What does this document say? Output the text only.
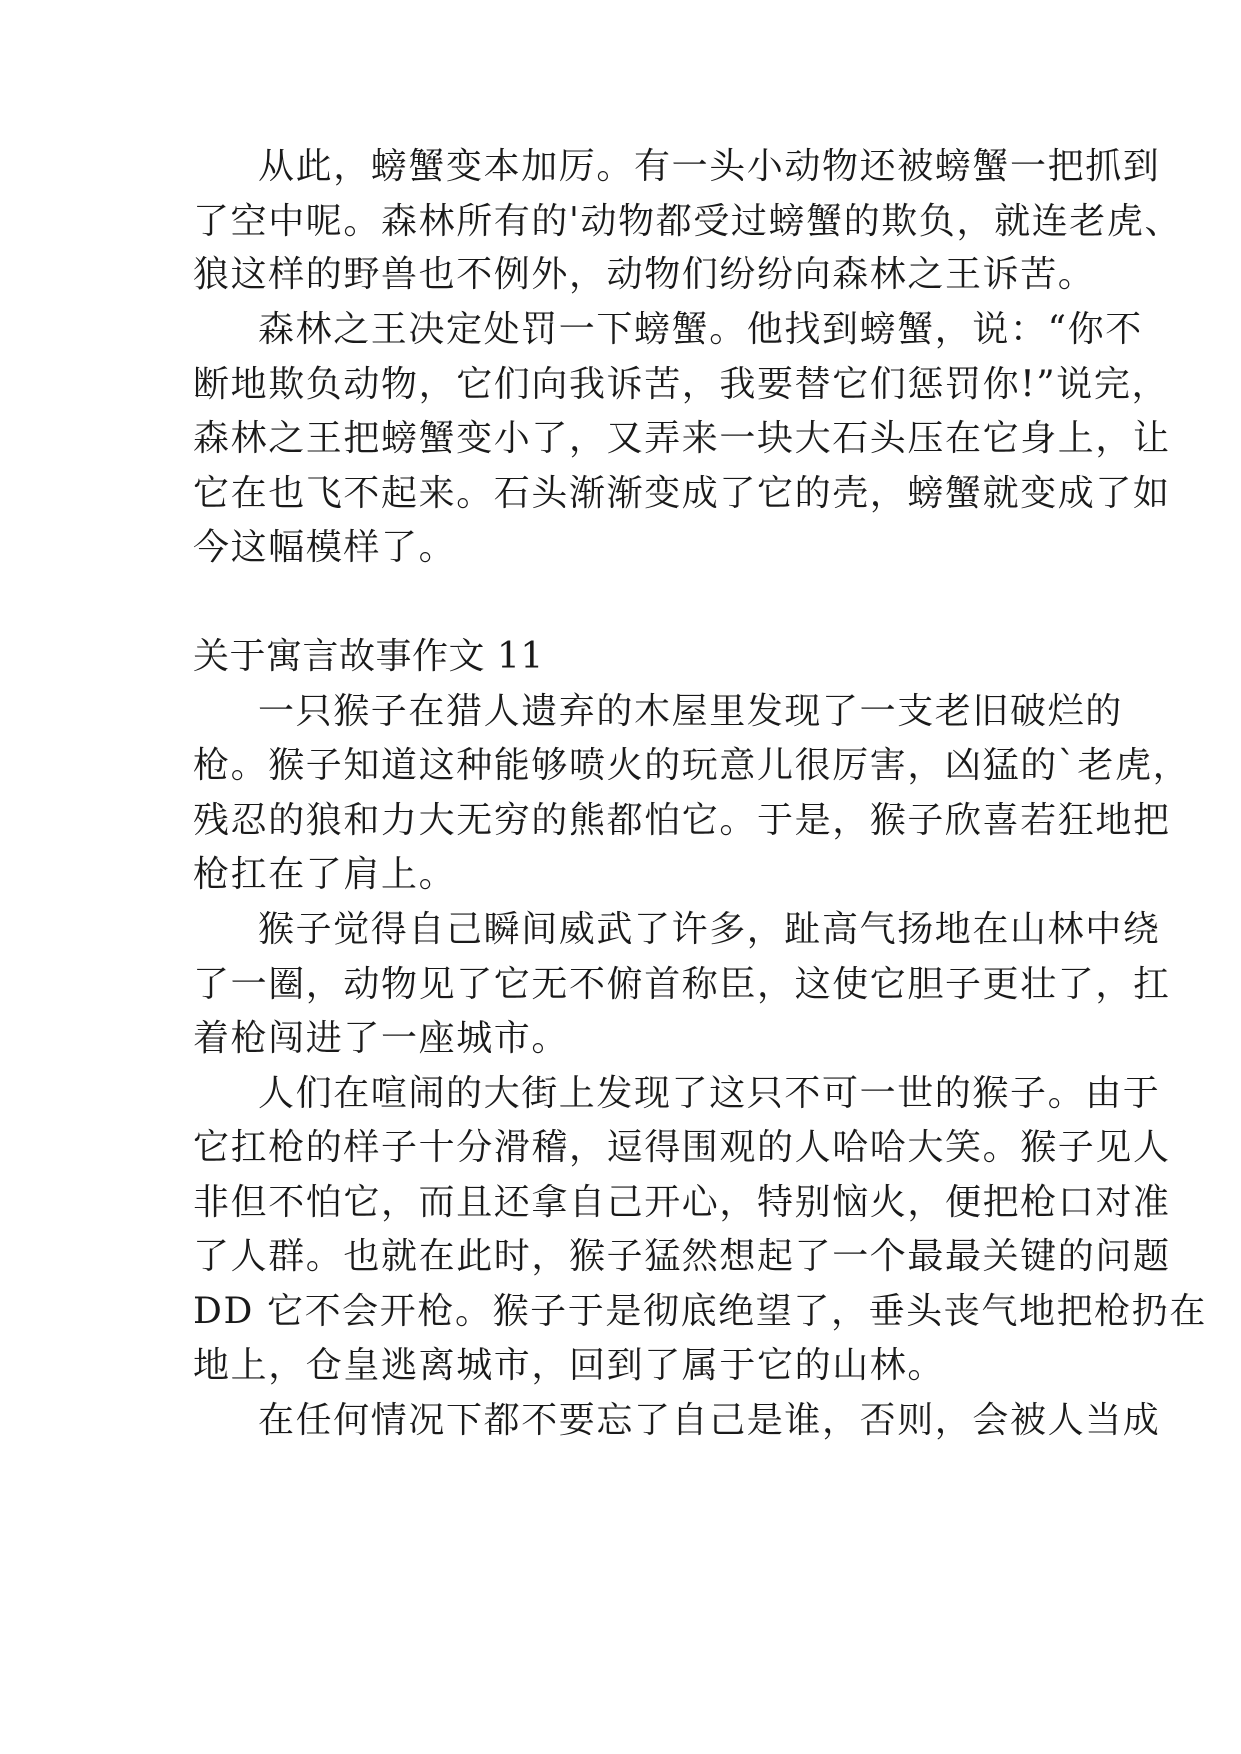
从此，螃蟹变本加厉。有一头小动物还被螃蟹一把抓到
了空中呢。森林所有的'动物都受过螃蟹的欺负，就连老虎、
狼这样的野兽也不例外，动物们纷纷向森林之王诉苦。
森林之王决定处罚一下螃蟹。他找到螃蟹，说：“你不
断地欺负动物，它们向我诉苦，我要替它们惩罚你!”说完，
森林之王把螃蟹变小了，又弄来一块大石头压在它身上，让
它在也飞不起来。石头渐渐变成了它的壳，螃蟹就变成了如
今这幅模样了。
关于寓言故事作文 11
一只猴子在猎人遗弃的木屋里发现了一支老旧破烂的
枪。猴子知道这种能够喷火的玩意儿很厉害，凶猛的`老虎，
残忍的狼和力大无穷的熊都怕它。于是，猴子欣喜若狂地把
枪扛在了肩上。
猴子觉得自己瞬间威武了许多，趾高气扬地在山林中绕
了一圈，动物见了它无不俯首称臣，这使它胆子更壮了，扛
着枪闯进了一座城市。
人们在喧闹的大街上发现了这只不可一世的猴子。由于
它扛枪的样子十分滑稽，逗得围观的人哈哈大笑。猴子见人
非但不怕它，而且还拿自己开心，特别恼火，便把枪口对准
了人群。也就在此时，猴子猛然想起了一个最最关键的问题
DD 它不会开枪。猴子于是彻底绝望了，垂头丧气地把枪扔在
地上，仓皇逃离城市，回到了属于它的山林。
在任何情况下都不要忘了自己是谁，否则，会被人当成
